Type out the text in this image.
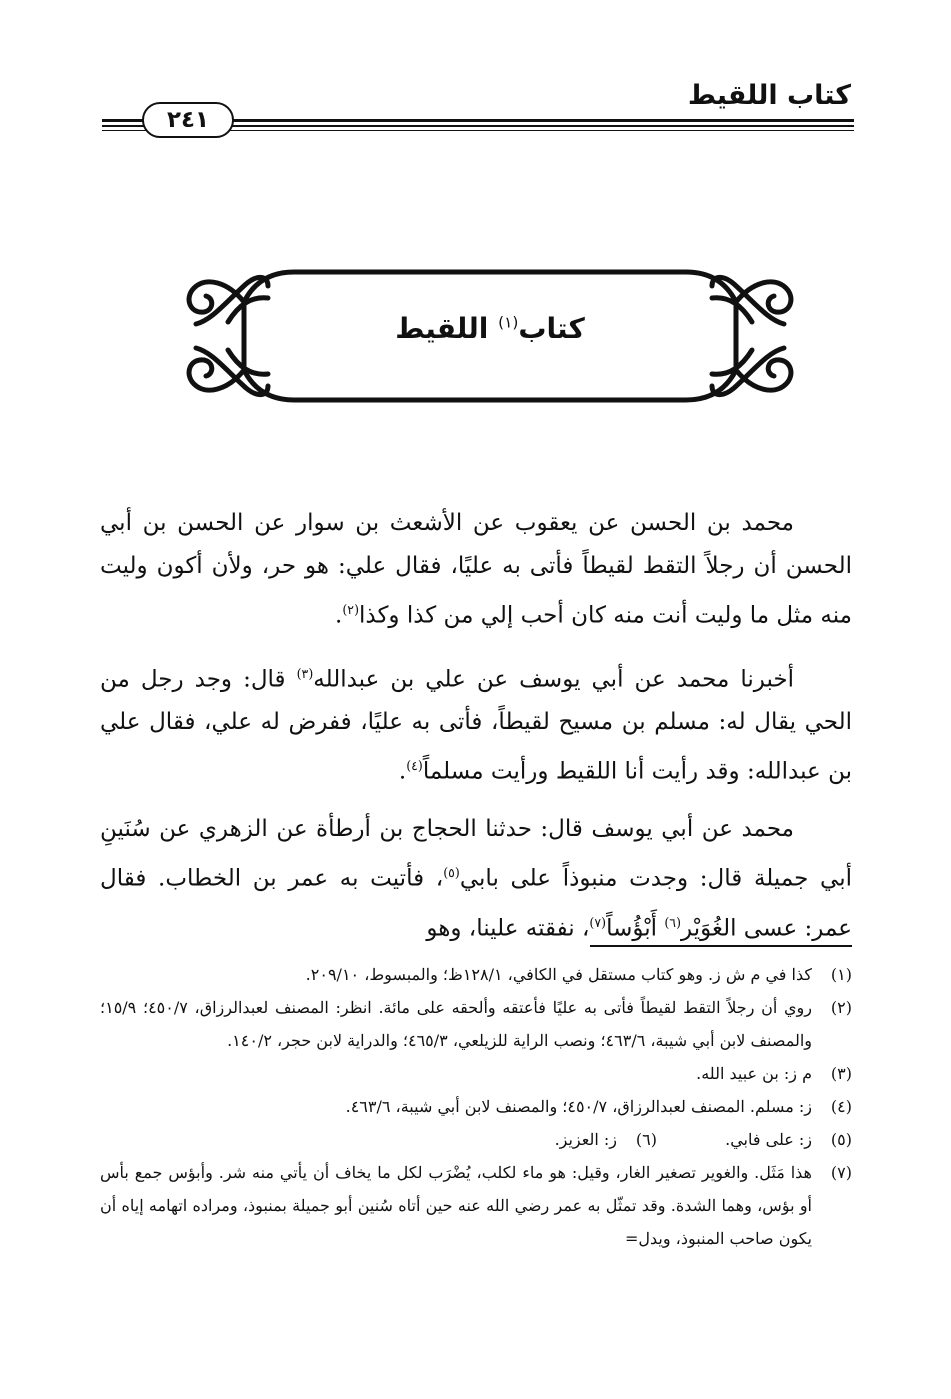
كتاب اللقيط
٢٤١
كتاب$^{(١)}$ اللقيط

محمد بن الحسن عن يعقوب عن الأشعث بن سوار عن الحسن بن أبي الحسن أن رجلاً التقط لقيطاً فأتى به عليًا، فقال علي: هو حر، ولأن أكون وليت منه مثل ما وليت أنت منه كان أحب إلي من كذا وكذا$^{(٢)}$.

أخبرنا محمد عن أبي يوسف عن علي بن عبدالله$^{(٣)}$ قال: وجد رجل من الحي يقال له: مسلم بن مسيح لقيطاً، فأتى به عليًا، ففرض له علي، فقال علي بن عبدالله: وقد رأيت أنا اللقيط ورأيت مسلماً$^{(٤)}$.

محمد عن أبي يوسف قال: حدثنا الحجاج بن أرطأة عن الزهري عن سُنَينِ أبي جميلة قال: وجدت منبوذاً على بابي$^{(٥)}$، فأتيت به عمر بن الخطاب. فقال عمر: عسى الغُوَيْر$^{(٦)}$ أَبْؤُساً$^{(٧)}$، نفقته علينا، وهو

(١)
كذا في م ش ز. وهو كتاب مستقل في الكافي، ١٢٨/١ظ؛ والمبسوط، ٢٠٩/١٠.
(٢)
روي أن رجلاً التقط لقيطاً فأتى به عليًا فأعتقه وألحقه على مائة. انظر: المصنف لعبدالرزاق، ٤٥٠/٧؛ ١٥/٩؛ والمصنف لابن أبي شيبة، ٤٦٣/٦؛ ونصب الراية للزيلعي، ٤٦٥/٣؛ والدراية لابن حجر، ١٤٠/٢.
(٣)
م ز: بن عبيد الله.
(٤)
ز: مسلم. المصنف لعبدالرزاق، ٤٥٠/٧؛ والمصنف لابن أبي شيبة، ٤٦٣/٦.
(٥)
ز: على فابي.
(٦)
ز: العزيز.
(٧)
هذا مَثَل. والغوير تصغير الغار، وقيل: هو ماء لكلب، يُضْرَب لكل ما يخاف أن يأتي منه شر. وأبؤس جمع بأس أو بؤس، وهما الشدة. وقد تمثّل به عمر رضي الله عنه حين أتاه سُنين أبو جميلة بمنبوذ، ومراده اتهامه إياه أن يكون صاحب المنبوذ، ويدل=
